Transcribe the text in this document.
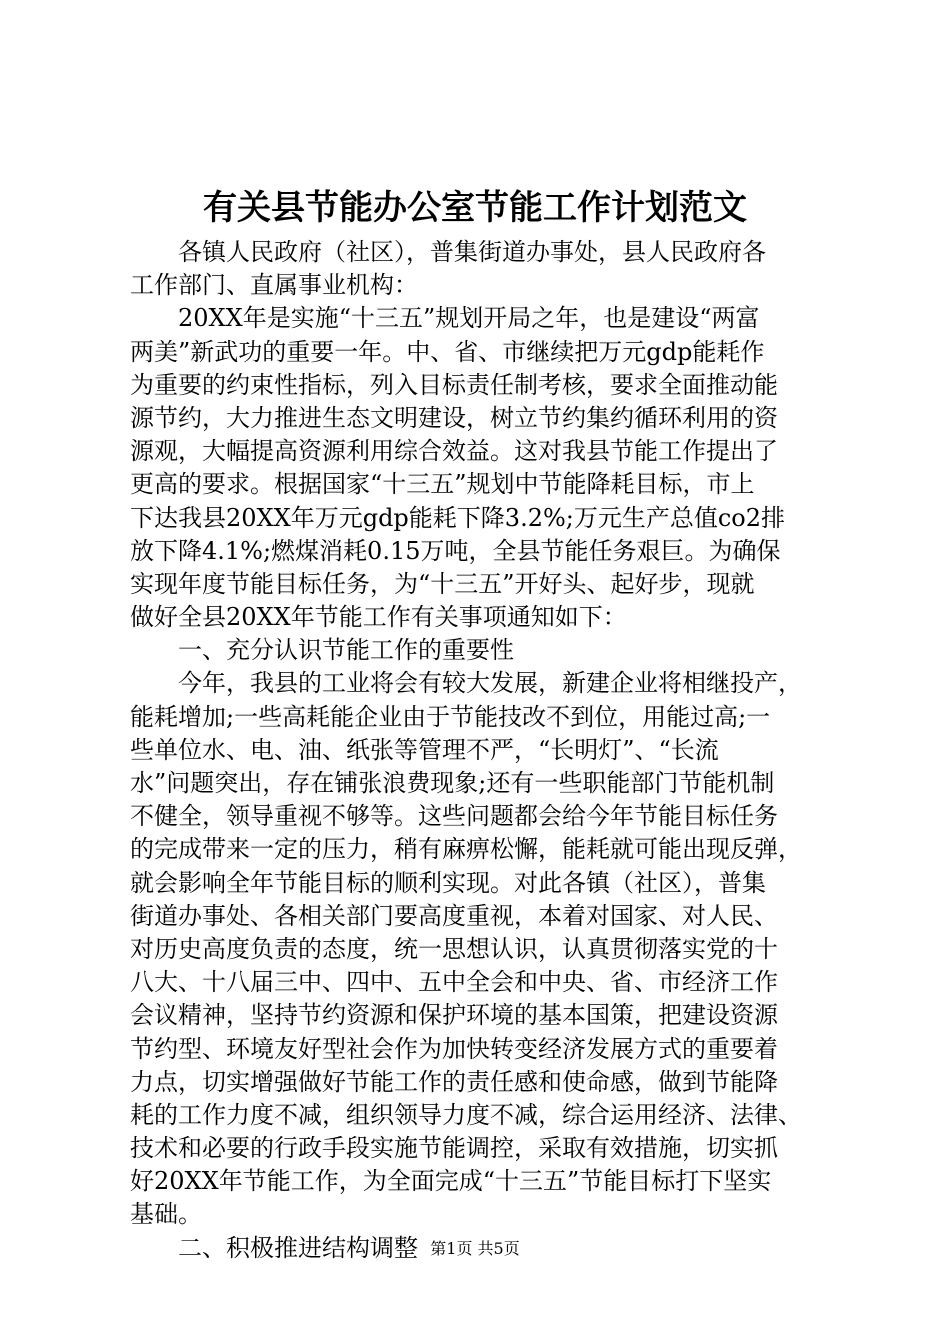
有关县节能办公室节能工作计划范文
各镇人民政府（社区），普集街道办事处，县人民政府各
工作部门、直属事业机构：
20XX年是实施“十三五”规划开局之年，也是建设“两富
两美”新武功的重要一年。中、省、市继续把万元gdp能耗作
为重要的约束性指标，列入目标责任制考核，要求全面推动能
源节约，大力推进生态文明建设，树立节约集约循环利用的资
源观，大幅提高资源利用综合效益。这对我县节能工作提出了
更高的要求。根据国家“十三五”规划中节能降耗目标，市上
下达我县20XX年万元gdp能耗下降3.2%;万元生产总值co2排
放下降4.1%;燃煤消耗0.15万吨，全县节能任务艰巨。为确保
实现年度节能目标任务，为“十三五”开好头、起好步，现就
做好全县20XX年节能工作有关事项通知如下：
一、充分认识节能工作的重要性
今年，我县的工业将会有较大发展，新建企业将相继投产，
能耗增加;一些高耗能企业由于节能技改不到位，用能过高;一
些单位水、电、油、纸张等管理不严，“长明灯”、“长流
水”问题突出，存在铺张浪费现象;还有一些职能部门节能机制
不健全，领导重视不够等。这些问题都会给今年节能目标任务
的完成带来一定的压力，稍有麻痹松懈，能耗就可能出现反弹，
就会影响全年节能目标的顺利实现。对此各镇（社区），普集
街道办事处、各相关部门要高度重视，本着对国家、对人民、
对历史高度负责的态度，统一思想认识，认真贯彻落实党的十
八大、十八届三中、四中、五中全会和中央、省、市经济工作
会议精神，坚持节约资源和保护环境的基本国策，把建设资源
节约型、环境友好型社会作为加快转变经济发展方式的重要着
力点，切实增强做好节能工作的责任感和使命感，做到节能降
耗的工作力度不减，组织领导力度不减，综合运用经济、法律、
技术和必要的行政手段实施节能调控，采取有效措施，切实抓
好20XX年节能工作，为全面完成“十三五”节能目标打下坚实
基础。
二、积极推进结构调整 第1页 共5页
